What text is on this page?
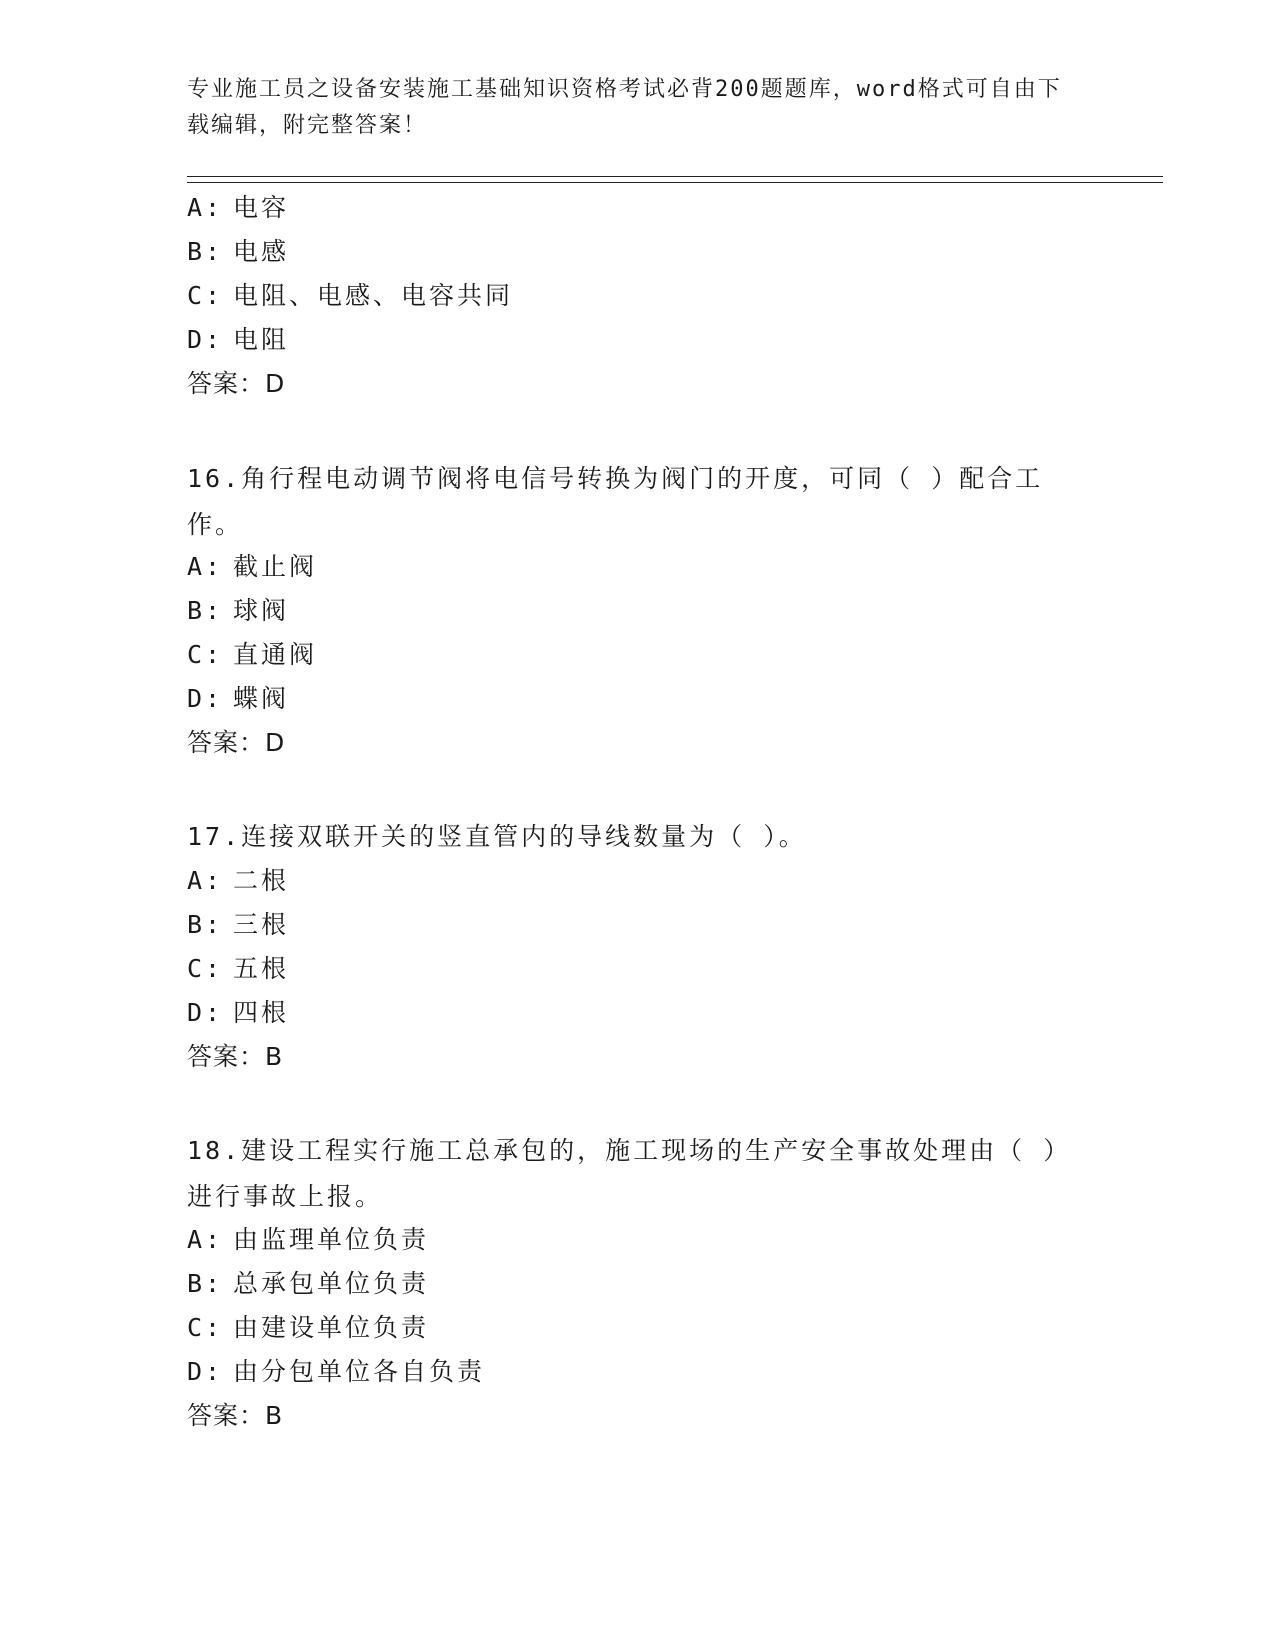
专业施工员之设备安装施工基础知识资格考试必背200题题库，word格式可自由下载编辑，附完整答案！
A: 电容
B: 电感
C: 电阻、电感、电容共同
D: 电阻
答案：D
16.角行程电动调节阀将电信号转换为阀门的开度，可同（ ）配合工作。
A: 截止阀
B: 球阀
C: 直通阀
D: 蝶阀
答案：D
17.连接双联开关的竖直管内的导线数量为（ ）。
A: 二根
B: 三根
C: 五根
D: 四根
答案：B
18.建设工程实行施工总承包的，施工现场的生产安全事故处理由（ ）进行事故上报。
A: 由监理单位负责
B: 总承包单位负责
C: 由建设单位负责
D: 由分包单位各自负责
答案：B
